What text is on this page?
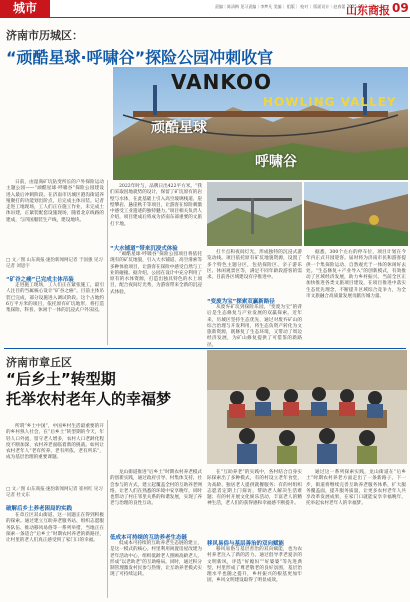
城市	责编｜陈清梅 见习责编｜李梦凡 美编｜ 组版｜ 校对｜ 版面设计｜赵春蕾 2025.8.12 星期二
山东商报 09
济南市历城区：
“顽酷星球·呼啸谷”探险公园冲刺收官
VANKOO
HOWLING VALLEY
顽酷星球
呼啸谷
□ 文／图 山东商报·速豹新闻网记者 于国强 见习记者 刘思宇

日前，由湿商矿坑钻变所长的户外探险运动主题公园——“顽酷星球·呼啸谷”探险公园建设进入最后冲刺阶段。在济南市历城区港沟街道养殖聚打的功能划出阶点，后完成主体吊装。记者走进工地现场，工人们正在施工作业，未完成土体吊建，正紧装配套设施现场，随着北京线路的建成，与四国服装生产线，建设地块。

“矿谷之癌”已完成主体吊装

走进施工现场，工人们正在紧张施工，最引人注目的当属核心设计“矿谷之癌”。目前主体吊装已完成，部分设施进入调试阶段。这个占地约6万平方米的项目，依托原有矿坑地形，将打造集探险、科普、休闲于一体的沉浸式户外乐园。

2022年时与，品牌日出422平方米。“我们采取因地就势的设计，保留了矿坑原有的岩壁与水体，在此基础上引入高空玻璃栈道、崖壁攀岩、悬崖秋千等项目，让游客在惊险刺激中感受工业遗迹的独特魅力。”项目相关负责人介绍，项目建成后将成为济南东部重要的文旅打卡地。

“大水铺道”带来沉浸式体验

“顽酷星球·呼啸谷”探险公园项目将依托现有的矿坑地貌，引入大水铺道、高空滑索等多种体验项目，让游客在探险中感受自然与工业的碰撞。据介绍，公园在设计中充分利用了原有的水体资源，打造出独具特色的水上项目，配合夜间灯光秀，为游客带来全新的沉浸式体验。

打卡点和夜间灯光，形成独特的沉浸式游览动线。项目依托原有矿坑地貌资源，设置了多个特色主题分区，包括探险区、亲子游乐区、休闲观景区等，满足不同年龄段游客的需求。目前各区域建设有序推进中。

“变废为宝”探索双赢新路径

从废弃矿坑到探险乐园，“变废为宝”的背后是生态修复与产业发展的双赢探索。近年来，历城区坚持生态优先，通过对废弃矿山的综合治理与开发利用，将生态负资产转化为文旅新资源，既修复了生态环境，又带动了周边经济发展，为矿山修复提供了可借鉴的新路径。

据悉，300个左右的停车位，项目计划在今年内正式开园迎客。届时将为济南市民和游客提供一个集探险运动、自然观光于一体的休闲好去处。“生态修复＋产业导入”的创新模式，有效推动了区域经济发展，助力乡村振兴。当前全区正加快推进各类文旅项目建设，在项目推进中落实生态优先理念，不断提升区域综合竞争力，为全市文旅融合高质量发展贡献历城力量。

济南市章丘区
“后乡土”转型期
托举农村老年人的幸福梦

所谓“乡土中国”，中国乡村生活最重要的开的乡村熟人社会，在“后乡土”转型期的今天，年轻人口外流，留守老人增多，农村人口老龄化程度不断加深，农村养老面临着新的挑战。如何让农村老年人“老有所养、老有所依、老有所乐”，成为基层治理的重要课题。

□ 文／图 山东商报·速豹新闻网记者 崔州红 见习记者 杜文东
破解后乡土养老困局的实践

在章丘区双山街道，这一问题正在得到积极的探索。通过建立互助养老服务站、组织志愿服务队伍、推动移风易俗等一系列举措，当地正在探索一条适合“后乡土”时期农村养老的新路径，让村里的老人们真正感受到了家门口的幸福。

龙山街道推进“后乡土”时期农村养老模式的创新实践，通过政府引导、村集体支持、社会参与的方式，建立起覆盖全村的互助养老网络，让老人们在熟悉的环境中安享晚年，同时也带动了村庄邻里关系的和谐发展，实现了养老与治理的良性互动。

低成本可持续的互助养老生态链

低成本可持续的互助养老生态链的建立，是这一模式的核心。村里利用闲置房屋改建为老年活动中心，组织低龄老人照顾高龄老人，形成“以老助老”的互助格局。同时，通过积分制管理激发村民参与热情，让互助养老模式实现了可持续运转。

在“互助养老”的实践中，各村结合自身实际探索出了多种模式，有的村设立老年食堂，为高龄、独居老人提供就餐服务；有的村组织志愿者定期上门探访，帮助老人解决生活难题；有的村开展文化娱乐活动，丰富老人的精神生活，老人们的获得感和幸福感不断提升。

移风易俗与基层善治的双向赋能

移风易俗与基层善治的双向赋能，也为农村养老注入了新的活力。通过倡导孝老爱亲的文明新风，评选“好媳妇”“好婆婆”等先进典型，村里形成了尊老敬老的良好氛围，基层治理水平也随之提升，乡村振兴的根基更加牢固，乡风文明建设取得了明显成效。

通过这一系列探索实践，龙山街道在“后乡土”时期农村养老方面走出了一条新路子。下一步，街道将继续完善互助养老服务体系，扩大服务覆盖面，提升服务质量，让更多农村老年人共享改革发展成果，在家门口就能安享幸福晚年，托举起农村老年人的幸福梦。
